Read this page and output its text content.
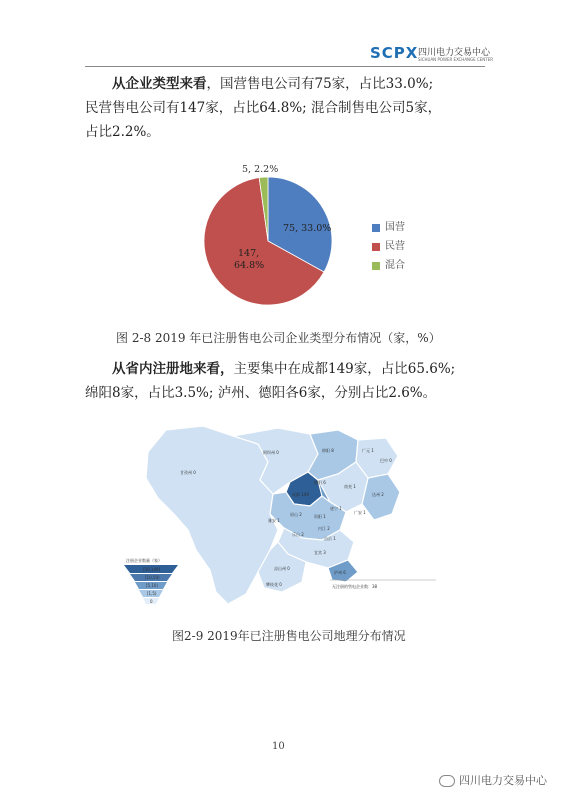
SCPX 四川电力交易中心
SICHUAN POWER EXCHANGE CENTER
从企业类型来看，国营售电公司有75家，占比33.0%;
民营售电公司有147家，占比64.8%; 混合制售电公司5家，
占比2.2%。
5, 2.2%
75, 33.0%
147,
64.8%
国营
民营
混合
图 2-8 2019 年已注册售电公司企业类型分布情况（家，%）
从省内注册地来看，主要集中在成都149家，占比65.6%;
绵阳8家，占比3.5%; 泸州、德阳各6家，分别占比2.6%。
甘孜州 0
阿坝州 0	绵阳 8	广元 1
巴中 0
达州 2
南充 1
德阳 6
成都 149
遂宁 1
广安 1
资阳 1
内江 2
眉山 2
雅安 1
乐山 2
自贡 1
宜宾 3
泸州 6
凉山州 0
攀枝花 0
注册企业数量（家）
[50,149]
[10,50)
[5,10)
[1,5)
0
无注册的售电企业数：38
图2-9 2019年已注册售电公司地理分布情况
10
四川电力交易中心
